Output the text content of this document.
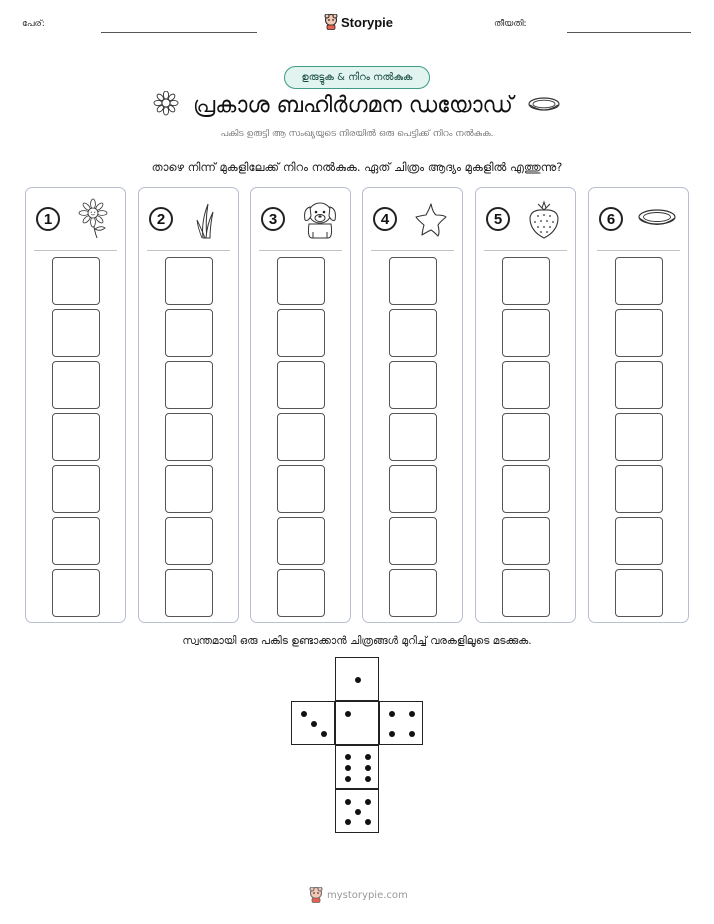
പേര്:	Storypie	തീയതി:
ഉരുട്ടുക & നിറം നൽകുക
പ്രകാശ ബഹിർഗമന ഡയോഡ്
പകിട ഉരുട്ടി ആ സംഖ്യയുടെ നിരയിൽ ഒരു പെട്ടിക്ക് നിറം നൽകുക.
താഴെ നിന്ന് മുകളിലേക്ക് നിറം നൽകുക. ഏത് ചിത്രം ആദ്യം മുകളിൽ എത്തുന്നു?
1	2	3	4	5	6
സ്വന്തമായി ഒരു പകിട ഉണ്ടാക്കാൻ ചിത്രങ്ങൾ മുറിച്ച് വരകളിലൂടെ മടക്കുക.
mystorypie.com
